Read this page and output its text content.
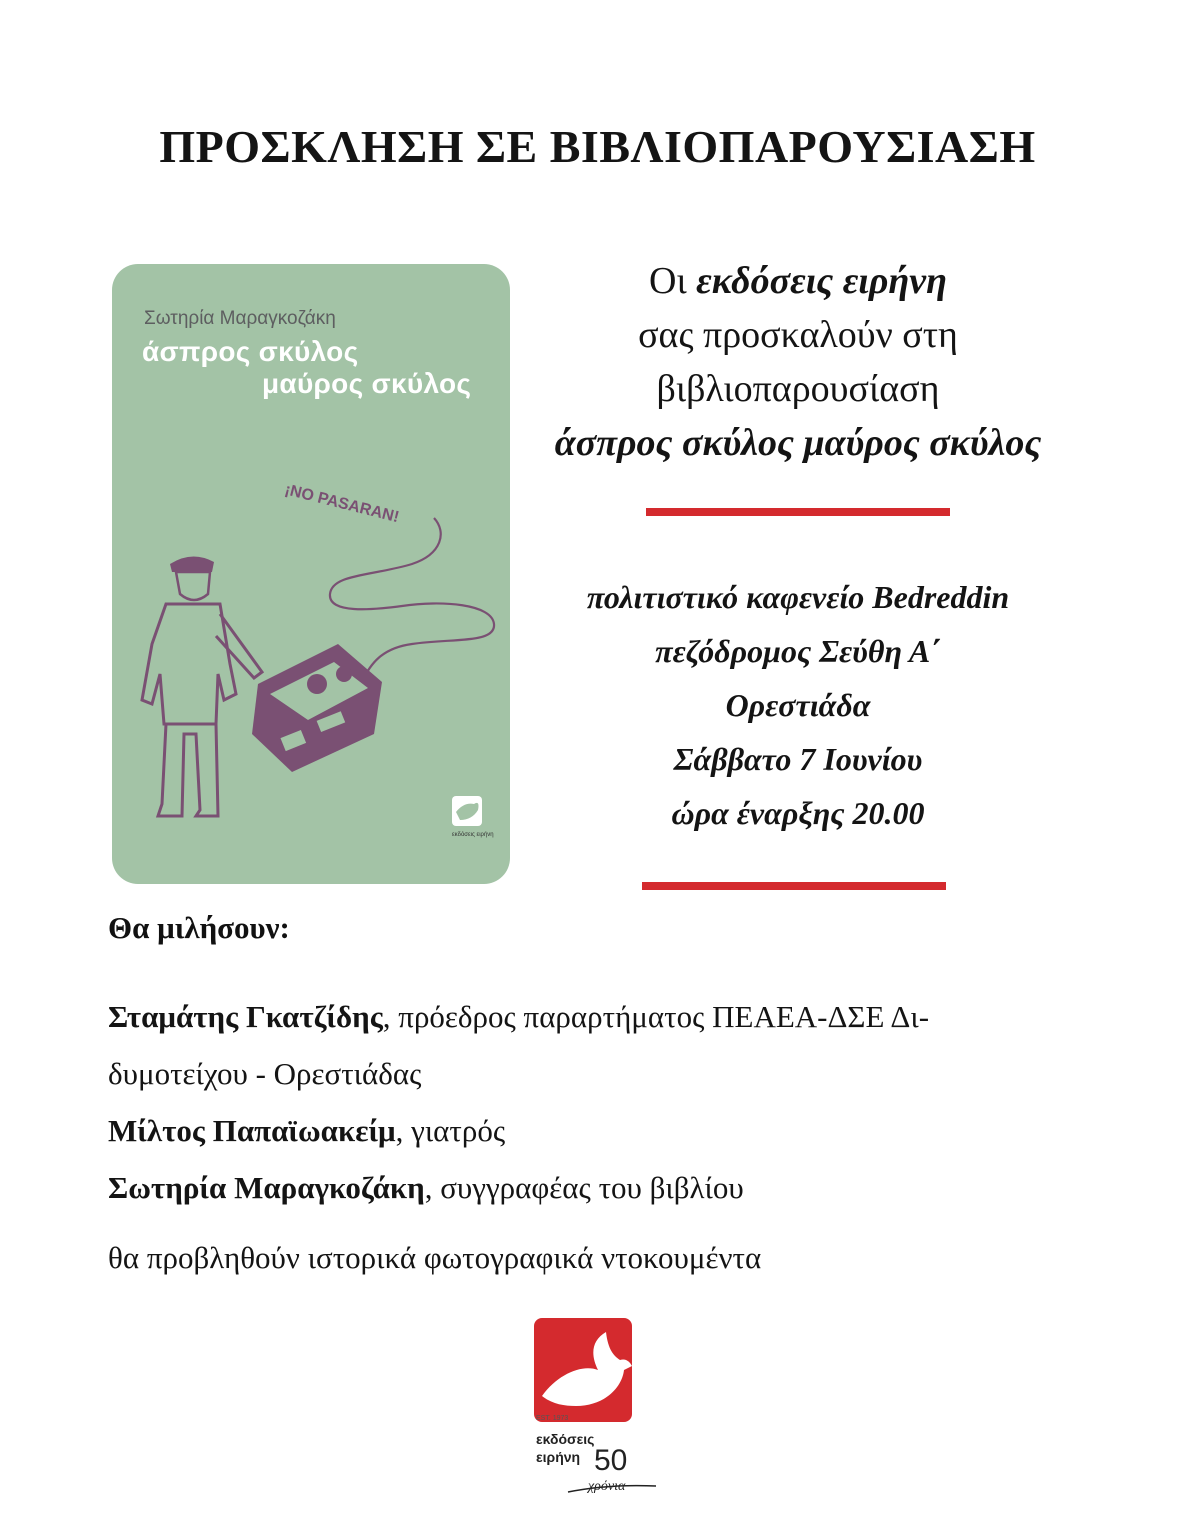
ΠΡΟΣΚΛΗΣΗ ΣΕ ΒΙΒΛΙΟΠΑΡΟΥΣΙΑΣΗ
¡NO PASARAN!
εκδόσεις ειρήνη
Σωτηρία Μαραγκοζάκη
άσπρος σκύλος
μαύρος σκύλος
Οι εκδόσεις ειρήνη
σας προσκαλούν στη
βιβλιοπαρουσίαση
άσπρος σκύλος μαύρος σκύλος
πολιτιστικό καφενείο Bedreddin
πεζόδρομος Σεύθη Α΄
Ορεστιάδα
Σάββατο 7 Ιουνίου
ώρα έναρξης 20.00
Θα μιλήσουν:

Σταμάτης Γκατζίδης, πρόεδρος παραρτήματος ΠΕΑΕΑ-ΔΣΕ Δι-

δυμοτείχου - Ορεστιάδας

Μίλτος Παπαϊωακείμ, γιατρός

Σωτηρία Μαραγκοζάκη, συγγραφέας του βιβλίου

θα προβληθούν ιστορικά φωτογραφικά ντοκουμέντα
EST. 1973
εκδόσεις
ειρήνη 50
χρόνια
